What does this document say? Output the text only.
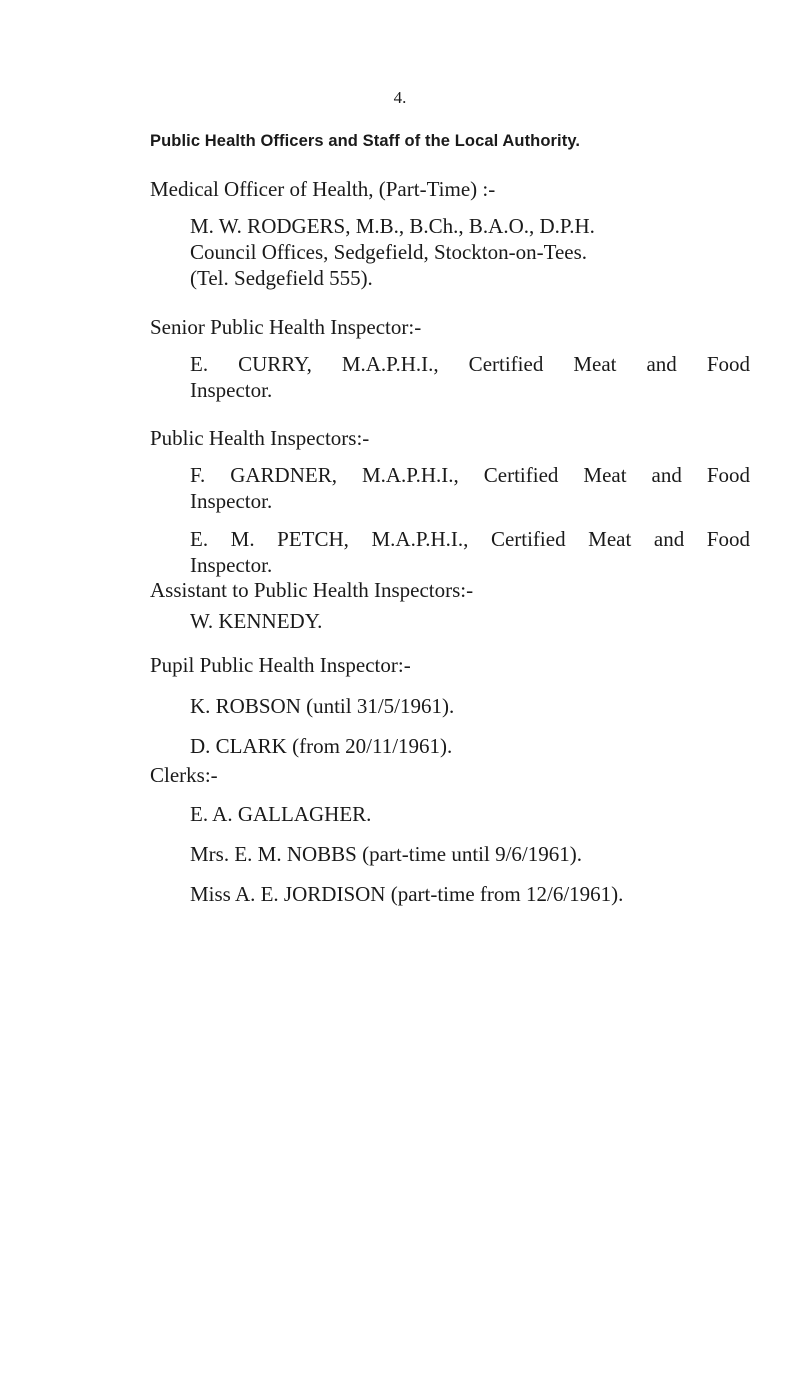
4.
Public Health Officers and Staff of the Local Authority.
Medical Officer of Health, (Part-Time) :-
M. W. RODGERS, M.B., B.Ch., B.A.O., D.P.H.
Council Offices, Sedgefield, Stockton-on-Tees.
(Tel. Sedgefield 555).
Senior Public Health Inspector:-
E. CURRY, M.A.P.H.I., Certified Meat and Food
Inspector.
Public Health Inspectors:-
F. GARDNER, M.A.P.H.I., Certified Meat and Food
Inspector.
E. M. PETCH, M.A.P.H.I., Certified Meat and Food
Inspector.
Assistant to Public Health Inspectors:-
W. KENNEDY.
Pupil Public Health Inspector:-
K. ROBSON (until 31/5/1961).
D. CLARK (from 20/11/1961).
Clerks:-
E. A. GALLAGHER.
Mrs. E. M. NOBBS (part-time until 9/6/1961).
Miss A. E. JORDISON (part-time from 12/6/1961).
